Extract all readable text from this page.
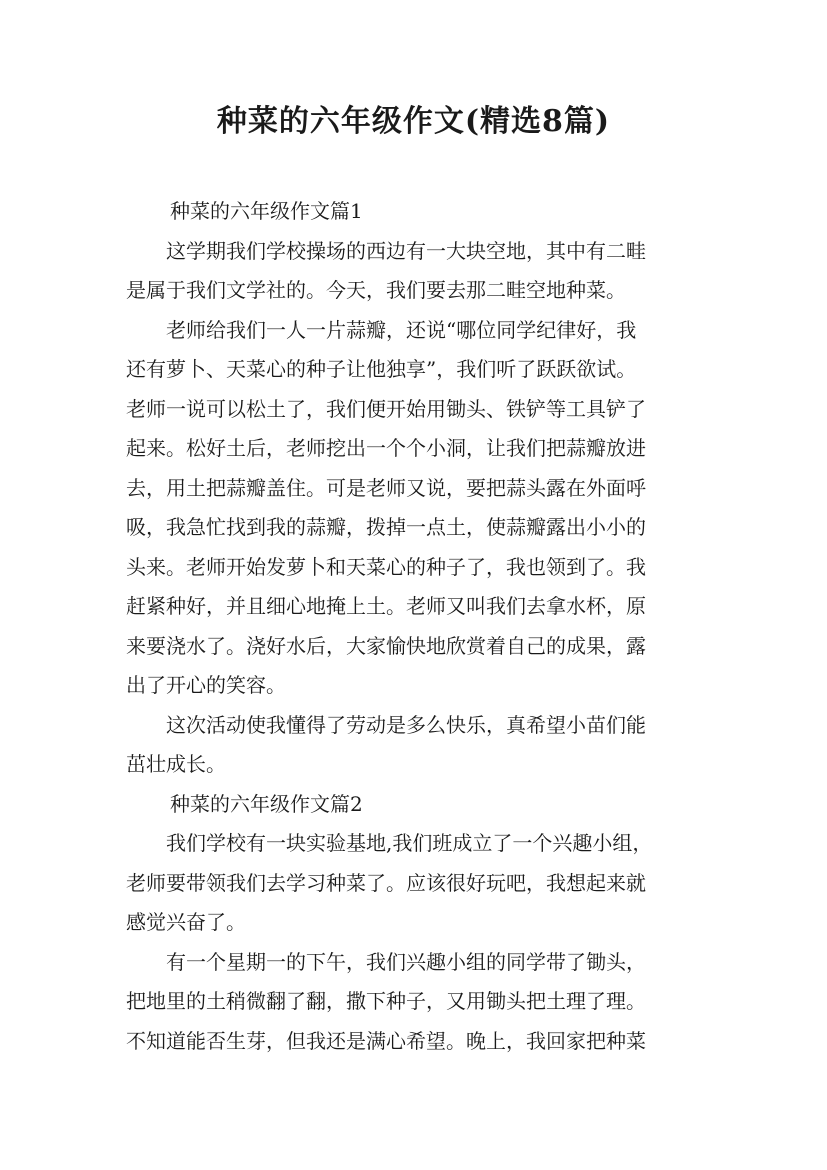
种菜的六年级作文(精选8篇)
种菜的六年级作文篇1
　　这学期我们学校操场的西边有一大块空地，其中有二畦
是属于我们文学社的。今天，我们要去那二畦空地种菜。
　　老师给我们一人一片蒜瓣，还说“哪位同学纪律好，我
还有萝卜、天菜心的种子让他独享”，我们听了跃跃欲试。
老师一说可以松土了，我们便开始用锄头、铁铲等工具铲了
起来。松好土后，老师挖出一个个小洞，让我们把蒜瓣放进
去，用土把蒜瓣盖住。可是老师又说，要把蒜头露在外面呼
吸，我急忙找到我的蒜瓣，拨掉一点土，使蒜瓣露出小小的
头来。老师开始发萝卜和天菜心的种子了，我也领到了。我
赶紧种好，并且细心地掩上土。老师又叫我们去拿水杯，原
来要浇水了。浇好水后，大家愉快地欣赏着自己的成果，露
出了开心的笑容。
　　这次活动使我懂得了劳动是多么快乐，真希望小苗们能
茁壮成长。
种菜的六年级作文篇2
　　我们学校有一块实验基地,我们班成立了一个兴趣小组，
老师要带领我们去学习种菜了。应该很好玩吧，我想起来就
感觉兴奋了。
　　有一个星期一的下午，我们兴趣小组的同学带了锄头，
把地里的土稍微翻了翻，撒下种子，又用锄头把土理了理。
不知道能否生芽，但我还是满心希望。晚上，我回家把种菜
